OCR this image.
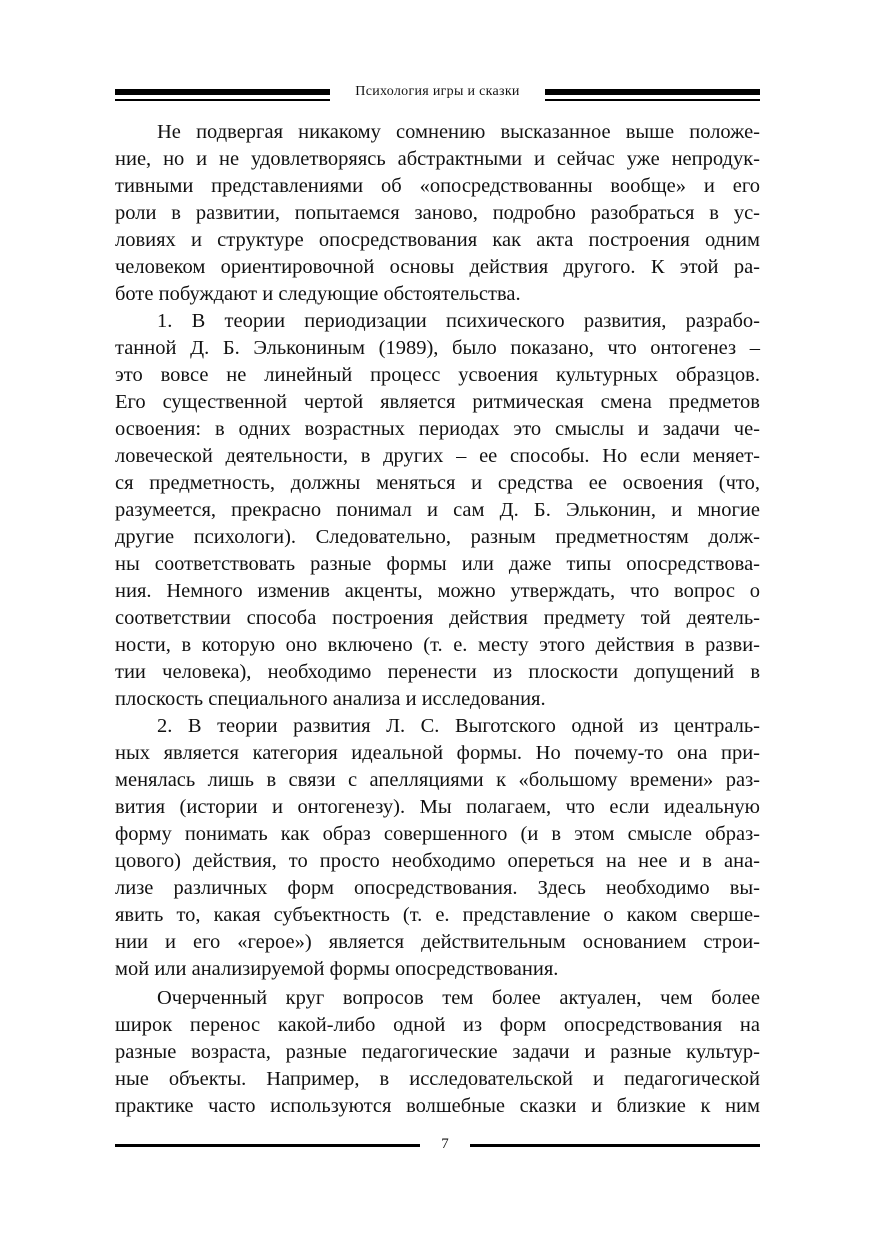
Психология игры и сказки
Не подвергая никакому сомнению высказанное выше положе-
ние, но и не удовлетворяясь абстрактными и сейчас уже непродук-
тивными представлениями об «опосредствованны вообще» и его
роли в развитии, попытаемся заново, подробно разобраться в ус-
ловиях и структуре опосредствования как акта построения одним
человеком ориентировочной основы действия другого. К этой ра-
боте побуждают и следующие обстоятельства.
1. В теории периодизации психического развития, разрабо-
танной Д. Б. Элькониным (1989), было показано, что онтогенез –
это вовсе не линейный процесс усвоения культурных образцов.
Его существенной чертой является ритмическая смена предметов
освоения: в одних возрастных периодах это смыслы и задачи че-
ловеческой деятельности, в других – ее способы. Но если меняет-
ся предметность, должны меняться и средства ее освоения (что,
разумеется, прекрасно понимал и сам Д. Б. Эльконин, и многие
другие психологи). Следовательно, разным предметностям долж-
ны соответствовать разные формы или даже типы опосредствова-
ния. Немного изменив акценты, можно утверждать, что вопрос о
соответствии способа построения действия предмету той деятель-
ности, в которую оно включено (т. е. месту этого действия в разви-
тии человека), необходимо перенести из плоскости допущений в
плоскость специального анализа и исследования.
2. В теории развития Л. С. Выготского одной из централь-
ных является категория идеальной формы. Но почему-то она при-
менялась лишь в связи с апелляциями к «большому времени» раз-
вития (истории и онтогенезу). Мы полагаем, что если идеальную
форму понимать как образ совершенного (и в этом смысле образ-
цового) действия, то просто необходимо опереться на нее и в ана-
лизе различных форм опосредствования. Здесь необходимо вы-
явить то, какая субъектность (т. е. представление о каком сверше-
нии и его «герое») является действительным основанием строи-
мой или анализируемой формы опосредствования.
Очерченный круг вопросов тем более актуален, чем более
широк перенос какой-либо одной из форм опосредствования на
разные возраста, разные педагогические задачи и разные культур-
ные объекты. Например, в исследовательской и педагогической
практике часто используются волшебные сказки и близкие к ним
7
